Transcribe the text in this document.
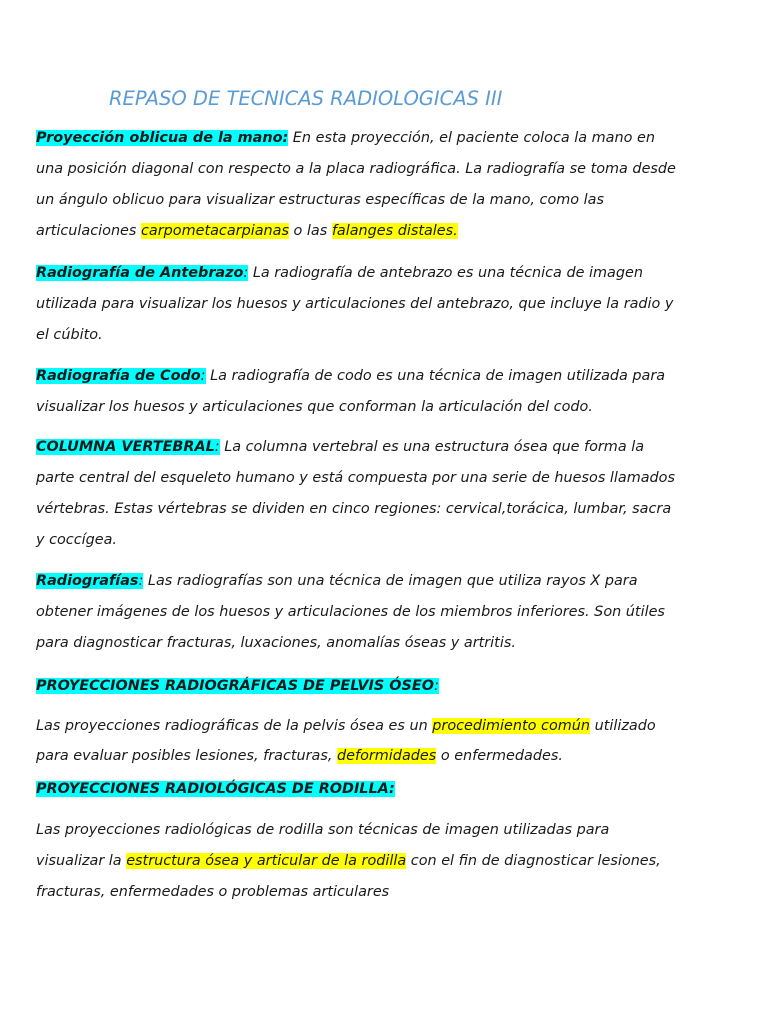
REPASO DE TECNICAS RADIOLOGICAS III

Proyección oblicua de la mano: En esta proyección, el paciente coloca la mano en una posición diagonal con respecto a la placa radiográfica. La radiografía se toma desde un ángulo oblicuo para visualizar estructuras específicas de la mano, como las articulaciones carpometacarpianas o las falanges distales.

Radiografía de Antebrazo: La radiografía de antebrazo es una técnica de imagen utilizada para visualizar los huesos y articulaciones del antebrazo, que incluye la radio y el cúbito.

Radiografía de Codo: La radiografía de codo es una técnica de imagen utilizada para visualizar los huesos y articulaciones que conforman la articulación del codo.

COLUMNA VERTEBRAL: La columna vertebral es una estructura ósea que forma la parte central del esqueleto humano y está compuesta por una serie de huesos llamados vértebras. Estas vértebras se dividen en cinco regiones: cervical,torácica, lumbar, sacra y coccígea.

Radiografías: Las radiografías son una técnica de imagen que utiliza rayos X para obtener imágenes de los huesos y articulaciones de los miembros inferiores. Son útiles para diagnosticar fracturas, luxaciones, anomalías óseas y artritis.

PROYECCIONES RADIOGRÁFICAS DE PELVIS ÓSEO:

Las proyecciones radiográficas de la pelvis ósea es un procedimiento común utilizado para evaluar posibles lesiones, fracturas, deformidades o enfermedades.

PROYECCIONES RADIOLÓGICAS DE RODILLA:

Las proyecciones radiológicas de rodilla son técnicas de imagen utilizadas para visualizar la estructura ósea y articular de la rodilla con el fin de diagnosticar lesiones, fracturas, enfermedades o problemas articulares
